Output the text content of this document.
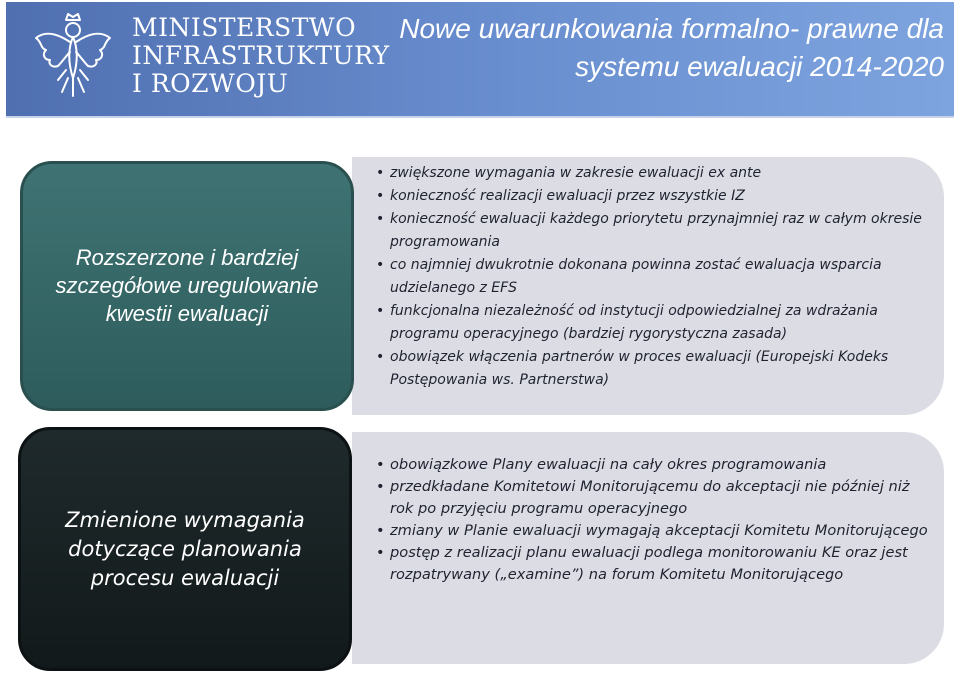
MINISTERSTWO
INFRASTRUKTURY
I ROZWOJU
Nowe uwarunkowania formalno- prawne dla
systemu ewaluacji 2014-2020
Rozszerzone i bardziej szczegółowe uregulowanie kwestii ewaluacji
• zwiększone wymagania w zakresie ewaluacji ex ante
• konieczność realizacji ewaluacji przez wszystkie IZ
• konieczność ewaluacji każdego priorytetu przynajmniej raz w całym okresie programowania
• co najmniej dwukrotnie dokonana powinna zostać ewaluacja wsparcia udzielanego z EFS
• funkcjonalna niezależność od instytucji odpowiedzialnej za wdrażania programu operacyjnego (bardziej rygorystyczna zasada)
• obowiązek włączenia partnerów w proces ewaluacji (Europejski Kodeks Postępowania ws. Partnerstwa)
Zmienione wymagania dotyczące planowania procesu ewaluacji
• obowiązkowe Plany ewaluacji na cały okres programowania
• przedkładane Komitetowi Monitorującemu do akceptacji nie później niż rok po przyjęciu programu operacyjnego
• zmiany w Planie ewaluacji wymagają akceptacji Komitetu Monitorującego
• postęp z realizacji planu ewaluacji podlega monitorowaniu KE oraz jest rozpatrywany („examine”) na forum Komitetu Monitorującego
